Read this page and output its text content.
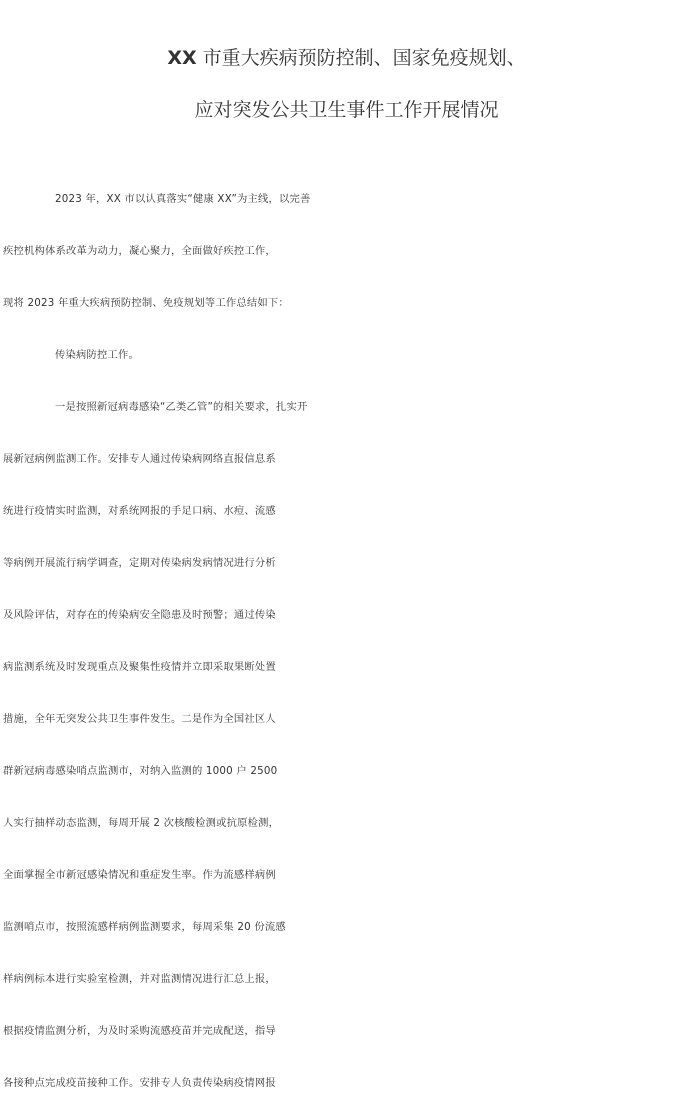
XX 市重大疾病预防控制、国家免疫规划、
应对突发公共卫生事件工作开展情况
2023 年，XX 市以认真落实“健康 XX”为主线，以完善
疾控机构体系改革为动力，凝心聚力，全面做好疾控工作，
现将 2023 年重大疾病预防控制、免疫规划等工作总结如下：
传染病防控工作。
一是按照新冠病毒感染“乙类乙管”的相关要求，扎实开
展新冠病例监测工作。安排专人通过传染病网络直报信息系
统进行疫情实时监测，对系统网报的手足口病、水痘、流感
等病例开展流行病学调查，定期对传染病发病情况进行分析
及风险评估，对存在的传染病安全隐患及时预警；通过传染
病监测系统及时发现重点及聚集性疫情并立即采取果断处置
措施，全年无突发公共卫生事件发生。二是作为全国社区人
群新冠病毒感染哨点监测市，对纳入监测的 1000 户 2500
人实行抽样动态监测，每周开展 2 次核酸检测或抗原检测，
全面掌握全市新冠感染情况和重症发生率。作为流感样病例
监测哨点市，按照流感样病例监测要求，每周采集 20 份流感
样病例标本进行实验室检测，并对监测情况进行汇总上报，
根据疫情监测分析，为及时采购流感疫苗并完成配送，指导
各接种点完成疫苗接种工作。安排专人负责传染病疫情网报
